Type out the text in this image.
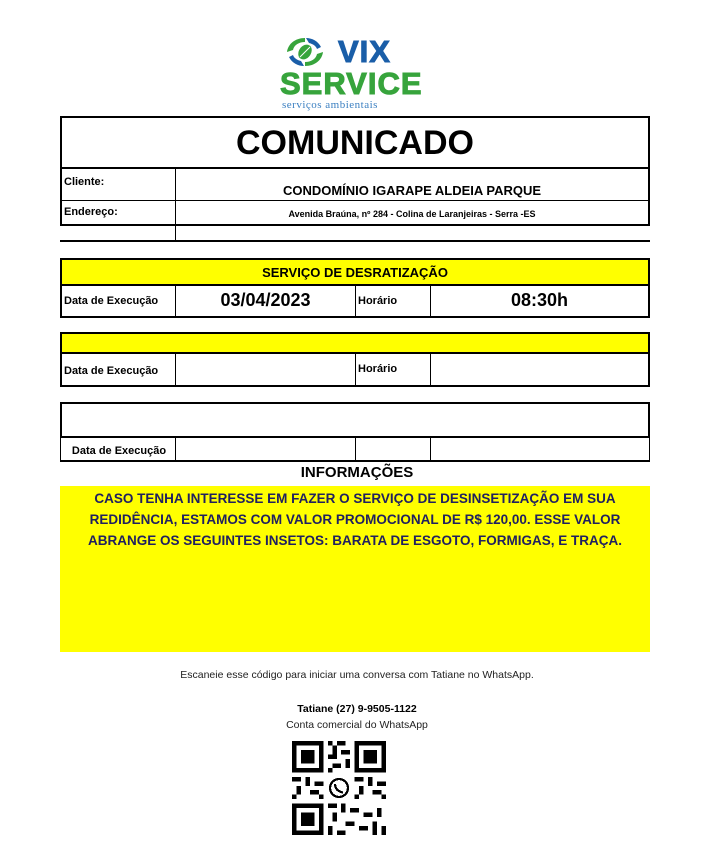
VIX
SERVICE
serviços ambientais
COMUNICADO
Cliente:
CONDOMÍNIO IGARAPE ALDEIA PARQUE
Endereço:	Avenida Braúna, nº 284 - Colina de Laranjeiras - Serra -ES
SERVIÇO DE DESRATIZAÇÃO
Data de Execução	03/04/2023	Horário	08:30h
Data de Execução	Horário
Data de Execução
INFORMAÇÕES
CASO TENHA INTERESSE EM FAZER O SERVIÇO DE DESINSETIZAÇÃO EM SUA REDIDÊNCIA, ESTAMOS COM VALOR PROMOCIONAL DE R$ 120,00. ESSE VALOR ABRANGE OS SEGUINTES INSETOS: BARATA DE ESGOTO, FORMIGAS, E TRAÇA.
Escaneie esse código para iniciar uma conversa com Tatiane no WhatsApp.
Tatiane (27) 9-9505-1122
Conta comercial do WhatsApp
